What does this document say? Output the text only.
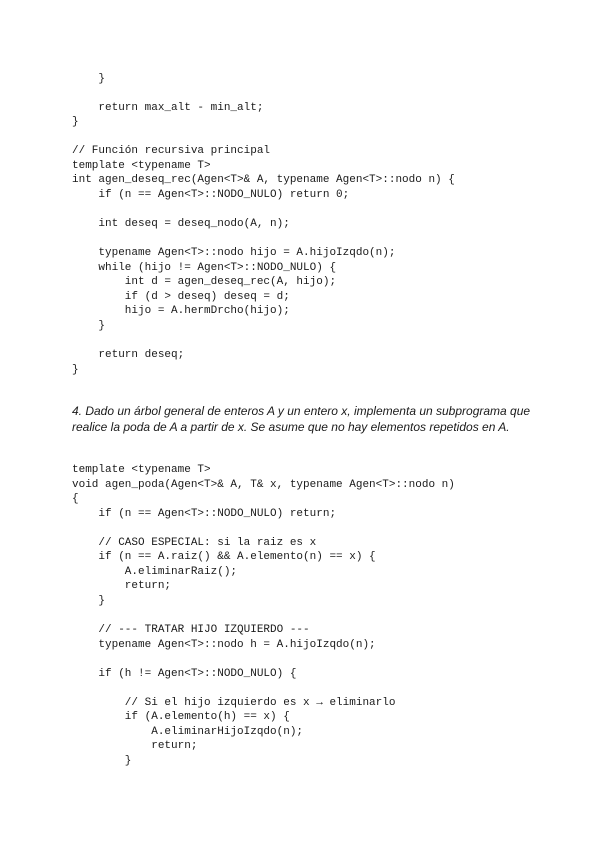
}
return max_alt - min_alt;
}
// Función recursiva principal
template <typename T>
int agen_deseq_rec(Agen<T>& A, typename Agen<T>::nodo n) {
if (n == Agen<T>::NODO_NULO) return 0;
int deseq = deseq_nodo(A, n);
typename Agen<T>::nodo hijo = A.hijoIzqdo(n);
while (hijo != Agen<T>::NODO_NULO) {
int d = agen_deseq_rec(A, hijo);
if (d > deseq) deseq = d;
hijo = A.hermDrcho(hijo);
}
return deseq;
}

4. Dado un árbol general de enteros A y un entero x, implementa un subprograma que realice la poda de A a partir de x. Se asume que no hay elementos repetidos en A.

template <typename T>
void agen_poda(Agen<T>& A, T& x, typename Agen<T>::nodo n)
{
if (n == Agen<T>::NODO_NULO) return;
// CASO ESPECIAL: si la raiz es x
if (n == A.raiz() && A.elemento(n) == x) {
A.eliminarRaiz();
return;
}
// --- TRATAR HIJO IZQUIERDO ---
typename Agen<T>::nodo h = A.hijoIzqdo(n);
if (h != Agen<T>::NODO_NULO) {
// Si el hijo izquierdo es x → eliminarlo
if (A.elemento(h) == x) {
A.eliminarHijoIzqdo(n);
return;
}
